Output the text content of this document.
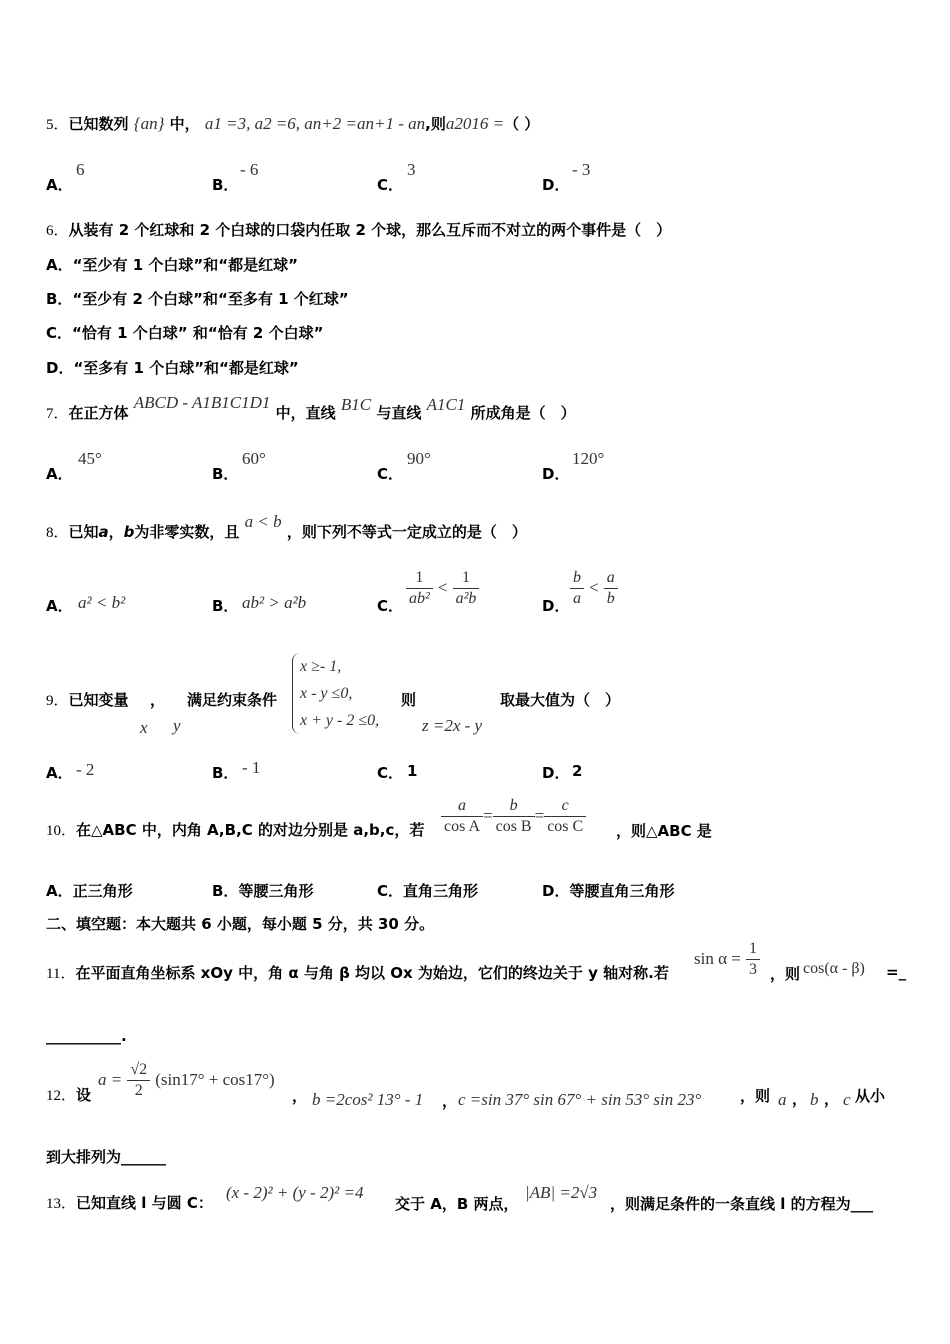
5．已知数列 {an} 中， a1 =3, a2 =6, an+2 =an+1 - an,则a2016 =（ ）
A．
6
B．
- 6
C．
3
D．
- 3
6．从装有 2 个红球和 2 个白球的口袋内任取 2 个球，那么互斥而不对立的两个事件是（　）
A．“至少有 1 个白球”和“都是红球”
B．“至少有 2 个白球”和“至多有 1 个红球”
C．“恰有 1 个白球” 和“恰有 2 个白球”
D．“至多有 1 个白球”和“都是红球”
7．在正方体 ABCD - A1B1C1D1 中，直线 B1C 与直线 A1C1 所成角是（　）
A．
45°
B．
60°
C．
90°
D．
120°
8．已知a，b为非零实数，且 a < b ，则下列不等式一定成立的是（　）
A． a² < b²	B． ab² > a²b	C． $\frac{1}{\text{ab²}} < \frac{1}{\text{a²b}}$	D． $\frac{b}{a} < \frac{a}{b}$
9．已知变量 ， 满足约束条件	则	取最大值为（　）
x y
x ≥- 1,
x - y ≤0,
x + y - 2 ≤0,	z =2x - y
A． - 2	B． - 1	C． 1	D． 2
10．在△ABC 中，内角 A,B,C 的对边分别是 a,b,c，若	$\frac{a}{\text{cos A}} = \frac{b}{\text{cos B}} = \frac{c}{\text{cos C}}$ ，则△ABC 是
A．正三角形	B．等腰三角形	C．直角三角形	D．等腰直角三角形
二、填空题：本大题共 6 小题，每小题 5 分，共 30 分。
11．在平面直角坐标系 xOy 中，角 α 与角 β 均以 Ox 为始边，它们的终边关于 y 轴对称.若
$\sin \alpha = \frac{1}{3}$ ，则 cos(α - β) =_
__________.
12．设
$a = \frac{√2}{2} (\sin 17^\circ + \cos 17^\circ)$
， b =2cos² 13° - 1 ， c =sin 37° sin 67° + sin 53° sin 23°	，则 a ， b ， c 从小
到大排列为______
13．已知直线 l 与圆 C：
(x - 2)² + (y - 2)² =4
交于 A，B 两点，
|AB| =2√3
，则满足条件的一条直线 l 的方程为___
